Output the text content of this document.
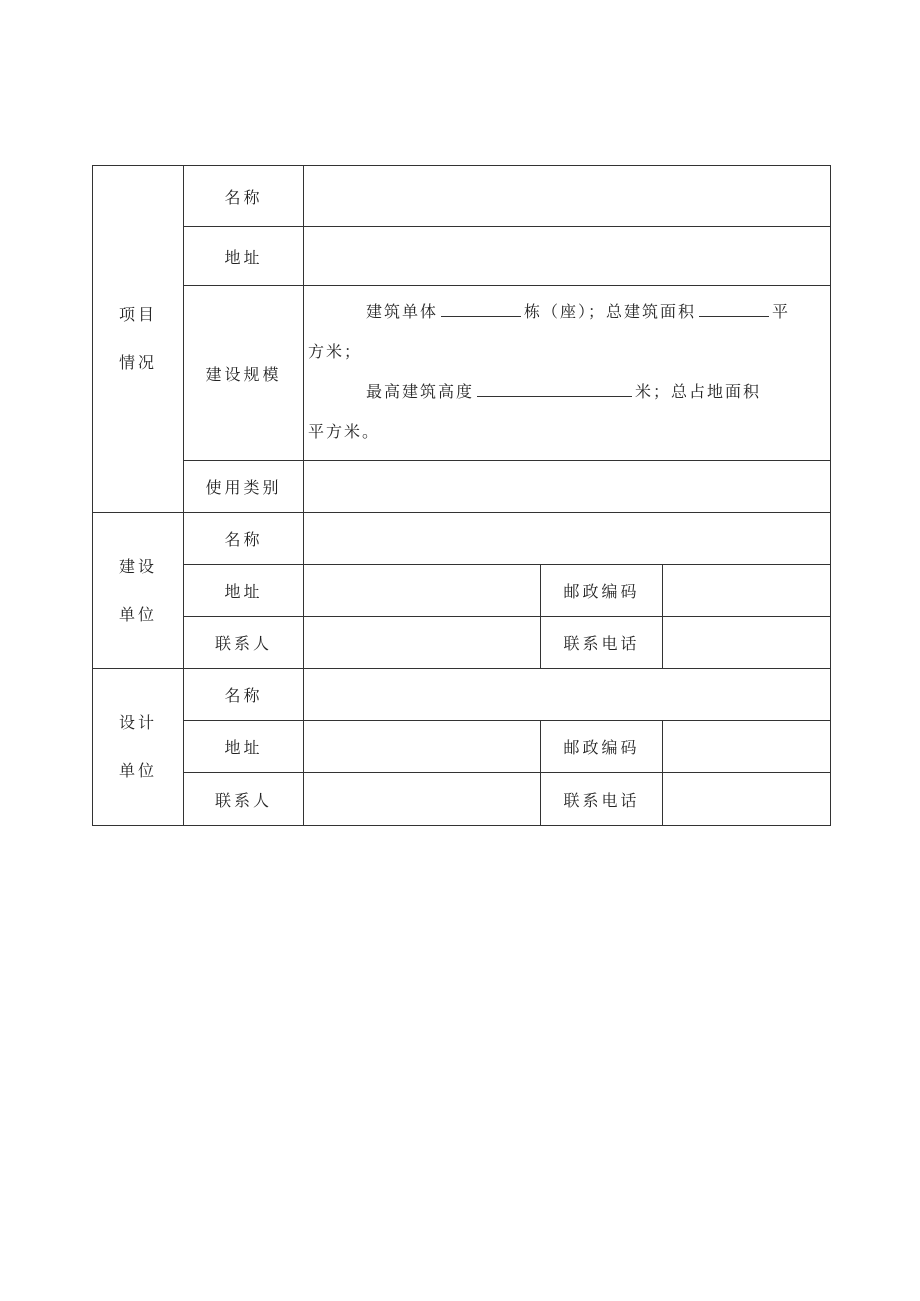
项目
情况	名称			
	地址			
	建设规模	建筑单体 栋（座）；总建筑面积 平
方米；
最高建筑高度 米；总占地面积
平方米。		

	使用类别			
建设
单位	名称			
	地址		邮政编码	
	联系人		联系电话	
设计
单位	名称			
	地址		邮政编码	
	联系人		联系电话	
